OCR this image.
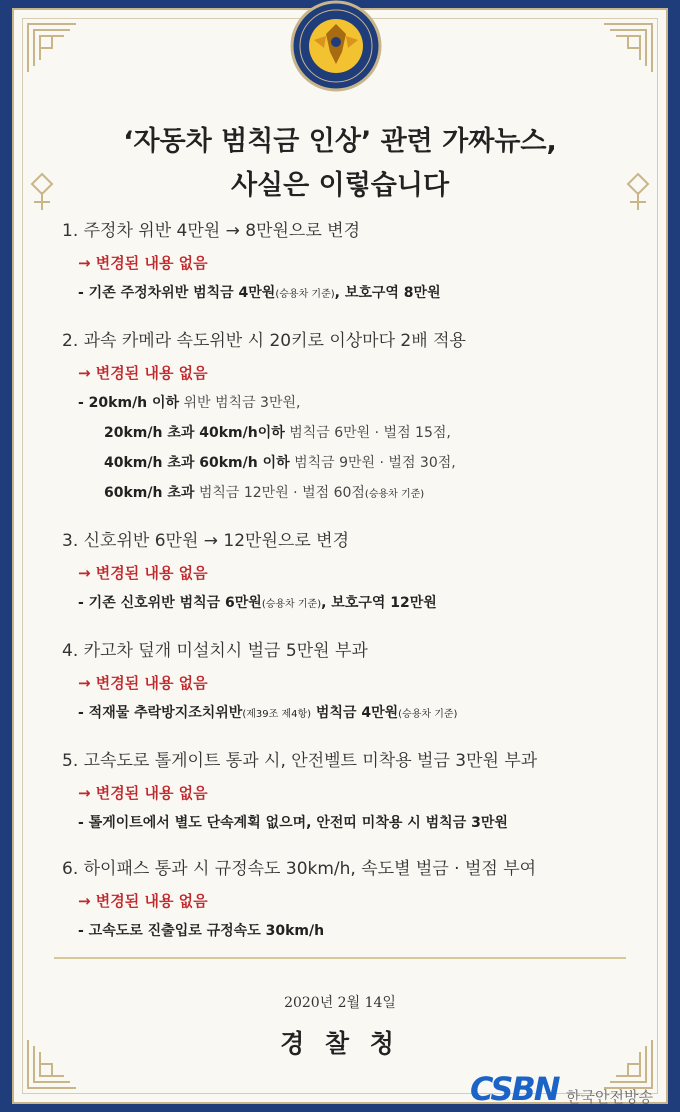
‘자동차 범칙금 인상’ 관련 가짜뉴스,
사실은 이렇습니다
1. 주정차 위반 4만원 → 8만원으로 변경
→ 변경된 내용 없음
- 기존 주정차위반 범칙금 4만원(승용차 기준), 보호구역 8만원
2. 과속 카메라 속도위반 시 20키로 이상마다 2배 적용
→ 변경된 내용 없음
- 20km/h 이하 위반 범칙금 3만원,
20km/h 초과 40km/h이하 범칙금 6만원 · 벌점 15점,
40km/h 초과 60km/h 이하 범칙금 9만원 · 벌점 30점,
60km/h 초과 범칙금 12만원 · 벌점 60점(승용차 기준)
3. 신호위반 6만원 → 12만원으로 변경
→ 변경된 내용 없음
- 기존 신호위반 범칙금 6만원(승용차 기준), 보호구역 12만원
4. 카고차 덮개 미설치시 벌금 5만원 부과
→ 변경된 내용 없음
- 적재물 추락방지조치위반(제39조 제4항) 범칙금 4만원(승용차 기준)
5. 고속도로 톨게이트 통과 시, 안전벨트 미착용 벌금 3만원 부과
→ 변경된 내용 없음
- 톨게이트에서 별도 단속계획 없으며, 안전띠 미착용 시 범칙금 3만원
6. 하이패스 통과 시 규정속도 30km/h, 속도별 벌금 · 벌점 부여
→ 변경된 내용 없음
- 고속도로 진출입로 규정속도 30km/h
2020년 2월 14일
경 찰 청
CSBN 한국안전방송
